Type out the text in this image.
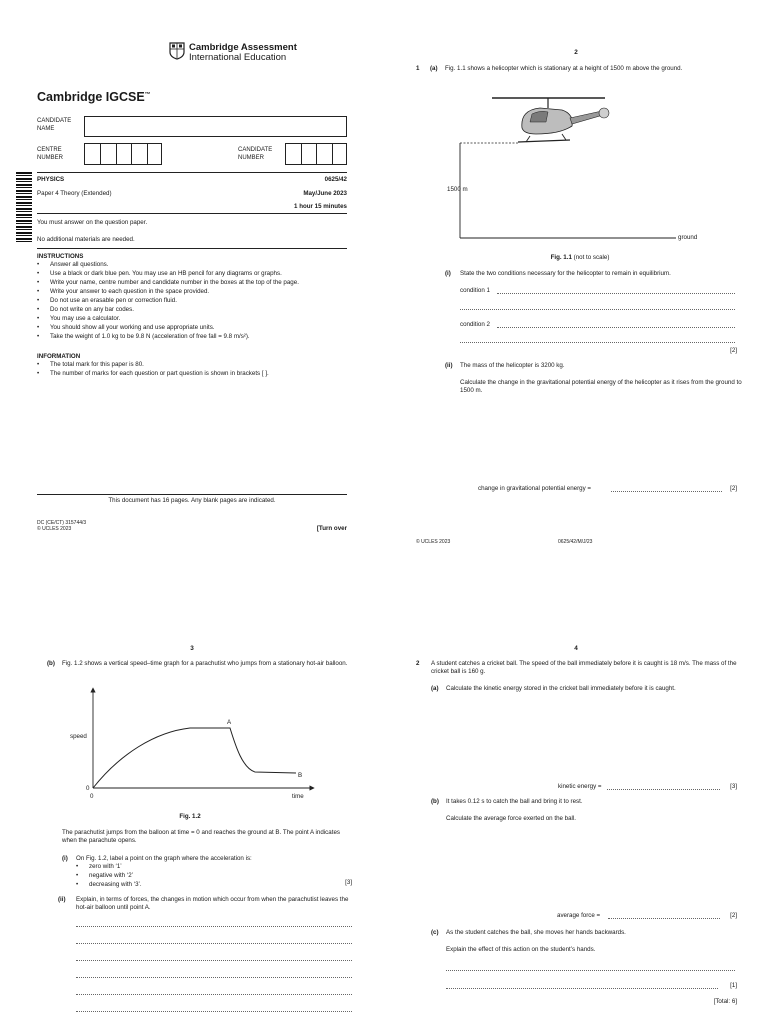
Cambridge Assessment
International Education
Cambridge IGCSE™
CANDIDATE NAME
CENTRE NUMBER
CANDIDATE NUMBER
PHYSICS	0625/42
Paper 4 Theory (Extended)	May/June 2023
1 hour 15 minutes
You must answer on the question paper.
No additional materials are needed.
INSTRUCTIONS
• Answer all questions.
• Use a black or dark blue pen. You may use an HB pencil for any diagrams or graphs.
• Write your name, centre number and candidate number in the boxes at the top of the page.
• Write your answer to each question in the space provided.
• Do not use an erasable pen or correction fluid.
• Do not write on any bar codes.
• You may use a calculator.
• You should show all your working and use appropriate units.
• Take the weight of 1.0 kg to be 9.8 N (acceleration of free fall = 9.8 m/s²).
INFORMATION
• The total mark for this paper is 80.
• The number of marks for each question or part question is shown in brackets [ ].
This document has 16 pages. Any blank pages are indicated.
DC (CE/CT) 315744/3
© UCLES 2023	[Turn over
2
1 (a) Fig. 1.1 shows a helicopter which is stationary at a height of 1500 m above the ground.
1500 m
ground
Fig. 1.1 (not to scale)
(i) State the two conditions necessary for the helicopter to remain in equilibrium.
condition 1
condition 2
[2]
(ii) The mass of the helicopter is 3200 kg.
Calculate the change in the gravitational potential energy of the helicopter as it rises from the ground to 1500 m.
change in gravitational potential energy =	[2]
© UCLES 2023	0625/42/M/J/23
3
(b) Fig. 1.2 shows a vertical speed–time graph for a parachutist who jumps from a stationary hot-air balloon.
speed
time
0
0
A
B
Fig. 1.2
The parachutist jumps from the balloon at time = 0 and reaches the ground at B. The point A indicates when the parachute opens.
(i) On Fig. 1.2, label a point on the graph where the acceleration is:
• zero with ‘1’
• negative with ‘2’
• decreasing with ‘3’.	[3]
(ii) Explain, in terms of forces, the changes in motion which occur from when the parachutist leaves the hot-air balloon until point A.
4
2 A student catches a cricket ball. The speed of the ball immediately before it is caught is 18 m/s. The mass of the cricket ball is 160 g.
(a) Calculate the kinetic energy stored in the cricket ball immediately before it is caught.
kinetic energy =	[3]
(b) It takes 0.12 s to catch the ball and bring it to rest.
Calculate the average force exerted on the ball.
average force =	[2]
(c) As the student catches the ball, she moves her hands backwards.
Explain the effect of this action on the student’s hands.
[1]
[Total: 6]
